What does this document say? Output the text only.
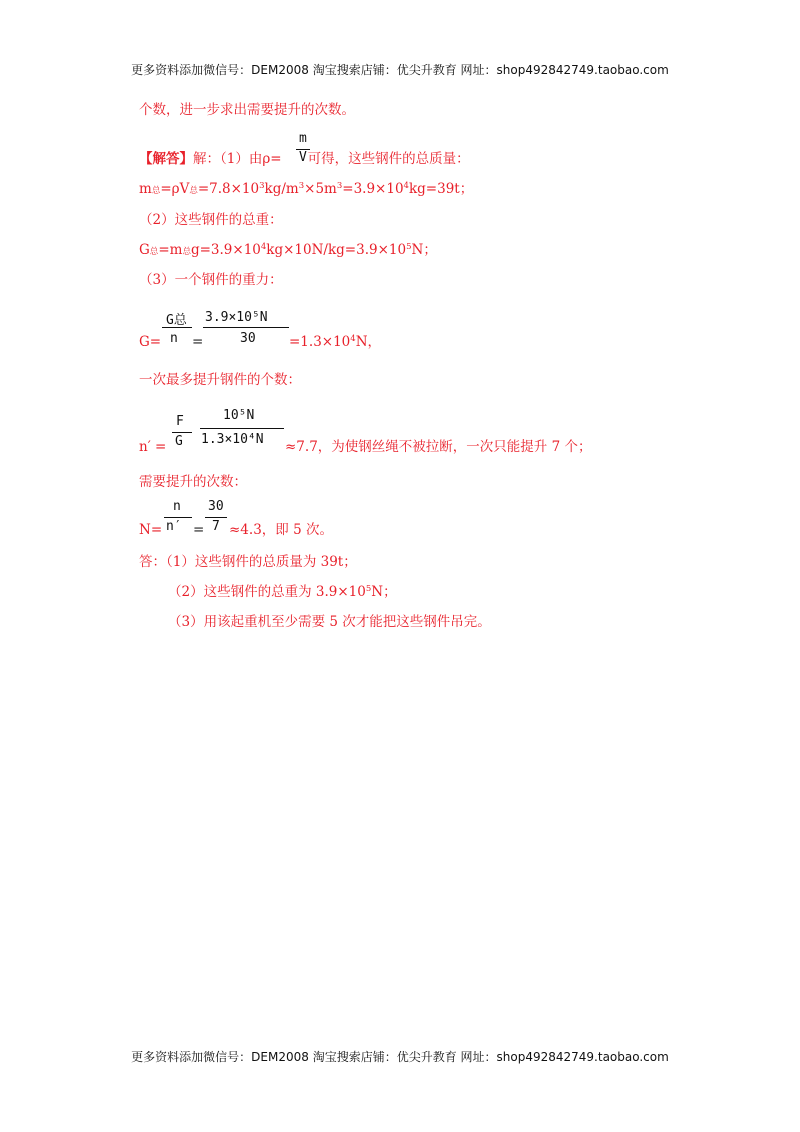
更多资料添加微信号：DEM2008 淘宝搜索店铺：优尖升教育 网址：shop492842749.taobao.com
个数，进一步求出需要提升的次数。
【解答】解：（1）由ρ= 可得，这些钢件的总质量：
m
V
m总=ρV总$=7.8\times 10^3kg/m^3\times 5m^3=3.9\times 10^4kg=39t$；
（2）这些钢件的总重：
G总=m总$g=3.9\times 10^4kg\times 10N/kg=3.9\times 10^5N$；
（3）一个钢件的重力：
G=
G总
n =
3.9×10⁵N
$30 =1.3\times 10^4N$，
一次最多提升钢件的个数：
n′ =
F
G
10⁵N
1.3×10⁴N ≈7.7，为使钢丝绳不被拉断，一次只能提升 7 个；
需要提升的次数：
N=
n
n′ =
30
7 ≈4.3，即 5 次。
答：（1）这些钢件的总质量为 39t；
（2）这些钢件的总重为 $3.9\times 10^5N$；
（3）用该起重机至少需要 5 次才能把这些钢件吊完。
更多资料添加微信号：DEM2008 淘宝搜索店铺：优尖升教育 网址：shop492842749.taobao.com
